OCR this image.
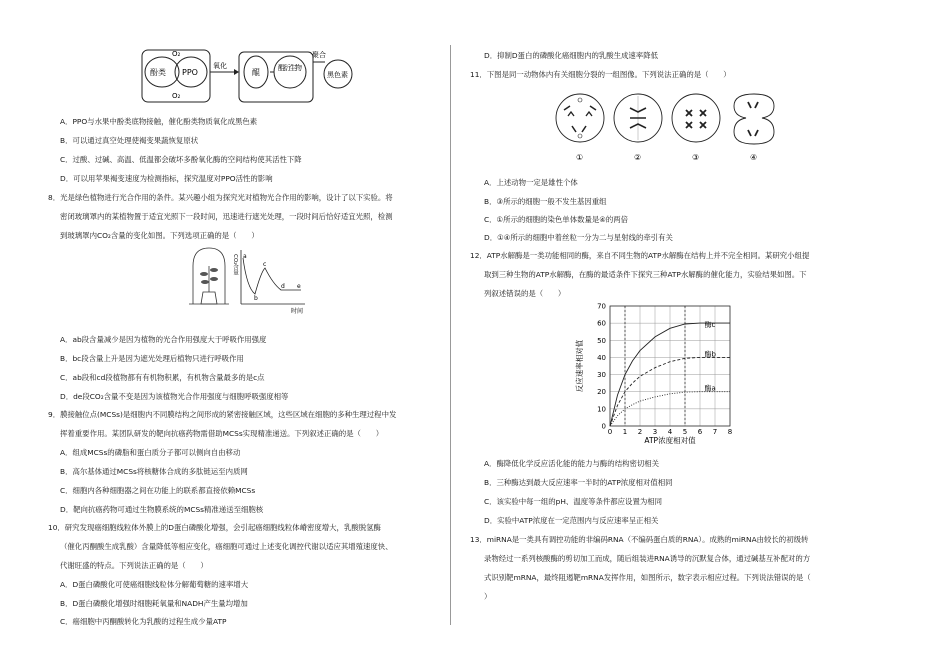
酚类 PPO
O₂
O₂
氧化
醌	醌衍生物
聚合
黑色素
A．PPO与水果中酚类底物接触，催化酚类物质氧化成黑色素
B．可以通过真空处理使褐变果蔬恢复原状
C．过酸、过碱、高温、低温都会破坏多酚氧化酶的空间结构使其活性下降
D．可以用苹果褐变速度为检测指标，探究温度对PPO活性的影响
8．光是绿色植物进行光合作用的条件。某兴趣小组为探究光对植物光合作用的影响，设计了以下实验。将
密闭玻璃罩内的某植物置于适宜光照下一段时间，迅速进行遮光处理，一段时间后恰好适宜光照，检测
到玻璃罩内CO₂含量的变化如图。下列选项正确的是（　　）
a
b
c
d e
CO₂含量
时间
A．ab段含量减少是因为植物的光合作用强度大于呼吸作用强度
B．bc段含量上升是因为遮光处理后植物只进行呼吸作用
C．ab段和cd段植物都有有机物积累，有机物含量最多的是c点
D．de段CO₂含量不变是因为该植物光合作用强度与细胞呼吸强度相等
9．膜接触位点(MCSs)是细胞内不同膜结构之间形成的紧密接触区域，这些区域在细胞的多种生理过程中发
挥着重要作用。某团队研发的靶向抗癌药物需借助MCSs实现精准递送。下列叙述正确的是（　　）
A．组成MCSs的磷脂和蛋白质分子都可以侧向自由移动
B．高尔基体通过MCSs将核糖体合成的多肽链运至内质网
C．细胞内各种细胞器之间在功能上的联系都直接依赖MCSs
D．靶向抗癌药物可通过生物膜系统的MCSs精准递送至细胞核
10．研究发现癌细胞线粒体外膜上的D蛋白磷酸化增强，会引起癌细胞线粒体嵴密度增大，乳酸脱氢酶
（催化丙酮酸生成乳酸）含量降低等相应变化，癌细胞可通过上述变化调控代谢以适应其增殖速度快、
代谢旺盛的特点。下列说法正确的是（　　）
A．D蛋白磷酸化可使癌细胞线粒体分解葡萄糖的速率增大
B．D蛋白磷酸化增强时细胞耗氧量和NADH产生量均增加
C．癌细胞中丙酮酸转化为乳酸的过程生成少量ATP
D．抑制D蛋白的磷酸化癌细胞内的乳酸生成速率降低
11．下图是同一动物体内有关细胞分裂的一组图像。下列说法正确的是（　　）
①	②	③	④
A．上述动物一定是雄性个体
B．③所示的细胞一般不发生基因重组
C．①所示的细胞的染色单体数量是④的两倍
D．①④所示的细胞中着丝粒一分为二与星射线的牵引有关
12．ATP水解酶是一类功能相同的酶，来自不同生物的ATP水解酶在结构上并不完全相同。某研究小组提
取到三种生物的ATP水解酶，在酶的最适条件下探究三种ATP水解酶的催化能力，实验结果如图。下
列叙述错误的是（　　）
0
10
20
30
40
50
60
70
0 1 2 3 4 5 6 7 8
酶c
酶b
酶a
ATP浓度相对值
反应速率相对值
A．酶降低化学反应活化能的能力与酶的结构密切相关
B．三种酶达到最大反应速率一半时的ATP浓度相对值相同
C．该实验中每一组的pH、温度等条件都应设置为相同
D．实验中ATP浓度在一定范围内与反应速率呈正相关
13．miRNA是一类具有调控功能的非编码RNA（不编码蛋白质的RNA）。成熟的miRNA由较长的初级转
录物经过一系列核酸酶的剪切加工而成，随后组装进RNA诱导的沉默复合体，通过碱基互补配对的方
式识别靶mRNA，最终阻遏靶mRNA发挥作用，如图所示，数字表示相应过程。下列说法错误的是（
）
